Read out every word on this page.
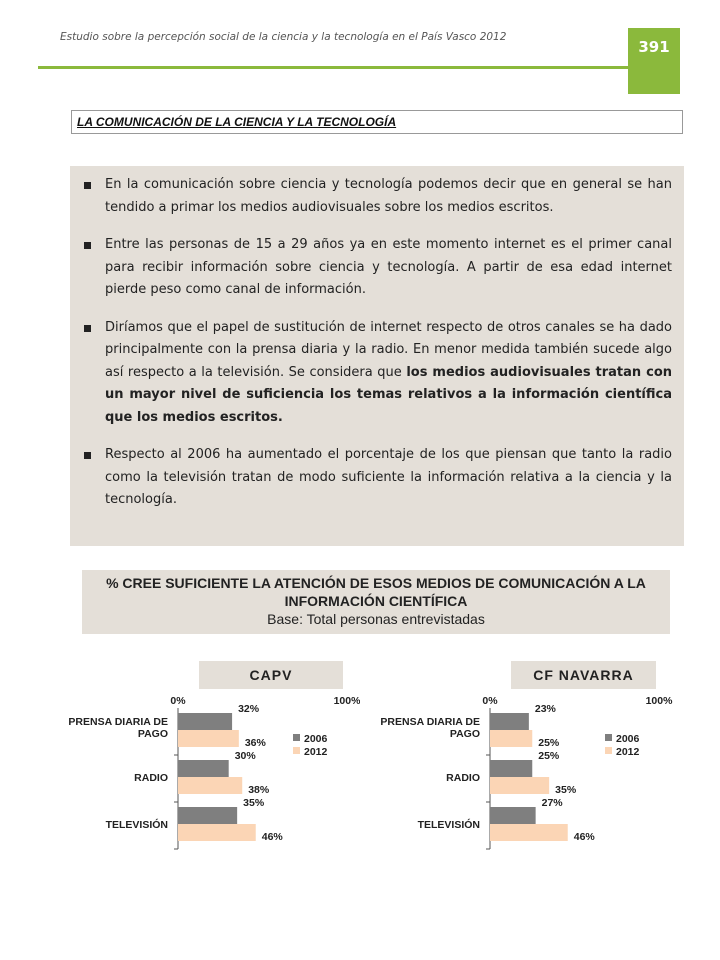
Estudio sobre la percepción social de la ciencia y la tecnología en el País Vasco 2012
391
LA COMUNICACIÓN DE LA CIENCIA Y LA TECNOLOGÍA
En la comunicación sobre ciencia y tecnología podemos decir que en general se han tendido a primar los medios audiovisuales sobre los medios escritos.
Entre las personas de 15 a 29 años ya en este momento internet es el primer canal para recibir información sobre ciencia y tecnología. A partir de esa edad internet pierde peso como canal de información.
Diríamos que el papel de sustitución de internet respecto de otros canales se ha dado principalmente con la prensa diaria y la radio. En menor medida también sucede algo así respecto a la televisión. Se considera que los medios audiovisuales tratan con un mayor nivel de suficiencia los temas relativos a la información científica que los medios escritos.
Respecto al 2006 ha aumentado el porcentaje de los que piensan que tanto la radio como la televisión tratan de modo suficiente la información relativa a la ciencia y la tecnología.
% CREE SUFICIENTE LA ATENCIÓN DE ESOS MEDIOS DE COMUNICACIÓN A LA INFORMACIÓN CIENTÍFICA
Base: Total personas entrevistadas
CAPV	CF NAVARRA
0%	100%
PRENSA DIARIA DE
PAGO
32%
36%
RADIO
30%
38%
TELEVISIÓN
35%
46%
2006
2012
0%	100%
PRENSA DIARIA DE
PAGO
23%
25%
RADIO
25%
35%
TELEVISIÓN
27%
46%
2006
2012
